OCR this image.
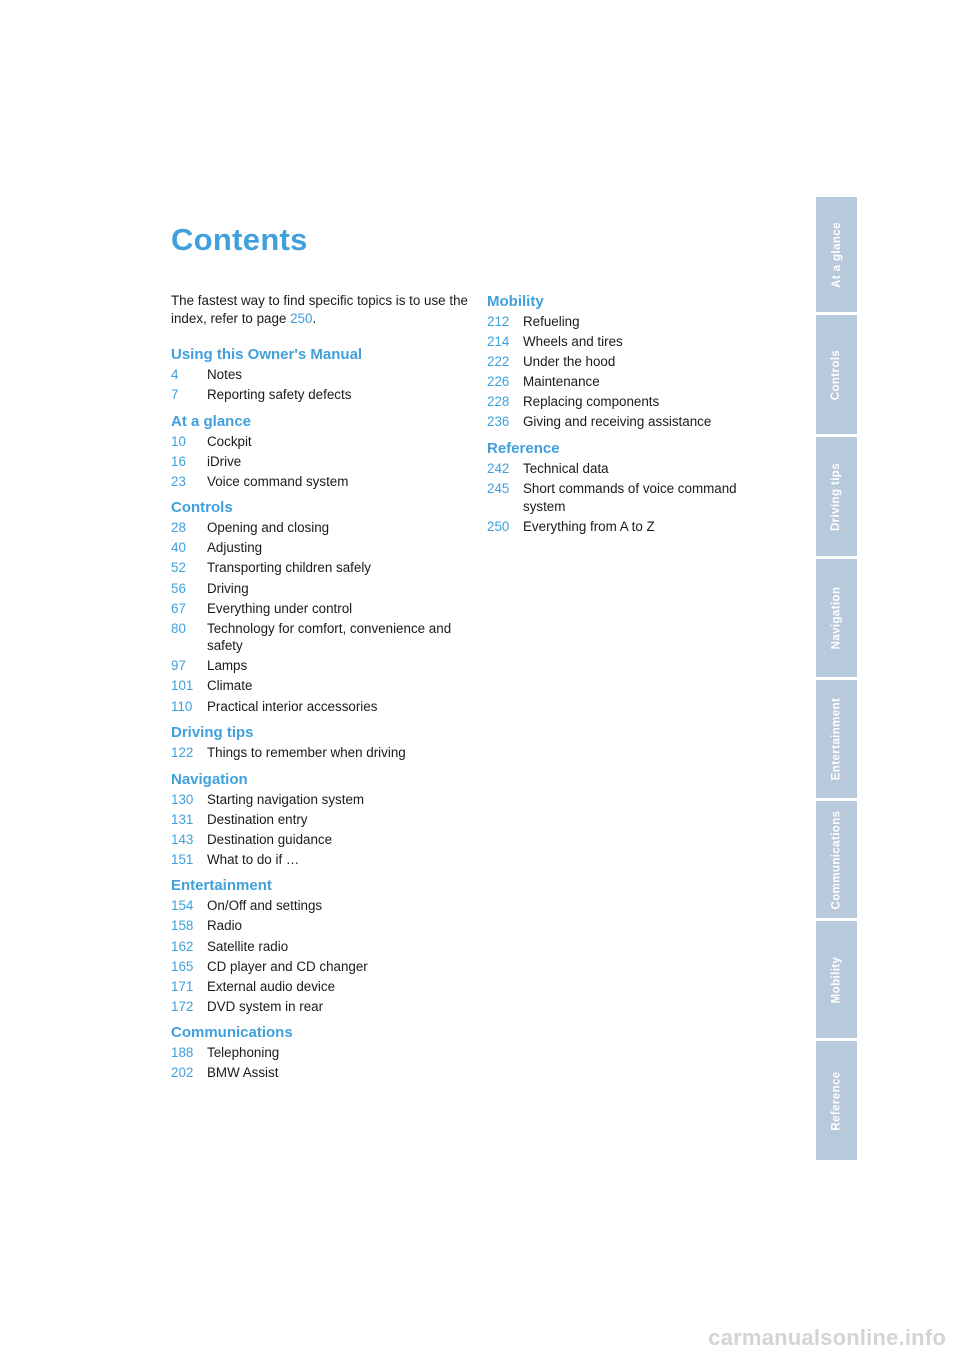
Contents
The fastest way to find specific topics is to use the index, refer to page 250.
Using this Owner's Manual
4	Notes
7	Reporting safety defects
At a glance
10	Cockpit
16	iDrive
23	Voice command system
Controls
28	Opening and closing
40	Adjusting
52	Transporting children safely
56	Driving
67	Everything under control
80	Technology for comfort, convenience and safety
97	Lamps
101	Climate
110	Practical interior accessories
Driving tips
122	Things to remember when driving
Navigation
130	Starting navigation system
131	Destination entry
143	Destination guidance
151	What to do if …
Entertainment
154	On/Off and settings
158	Radio
162	Satellite radio
165	CD player and CD changer
171	External audio device
172	DVD system in rear
Communications
188	Telephoning
202	BMW Assist
Mobility
212	Refueling
214	Wheels and tires
222	Under the hood
226	Maintenance
228	Replacing components
236	Giving and receiving assistance
Reference
242	Technical data
245	Short commands of voice command system
250	Everything from A to Z
At a glance
Controls
Driving tips
Navigation
Entertainment
Communications
Mobility
Reference
carmanualsonline.info
